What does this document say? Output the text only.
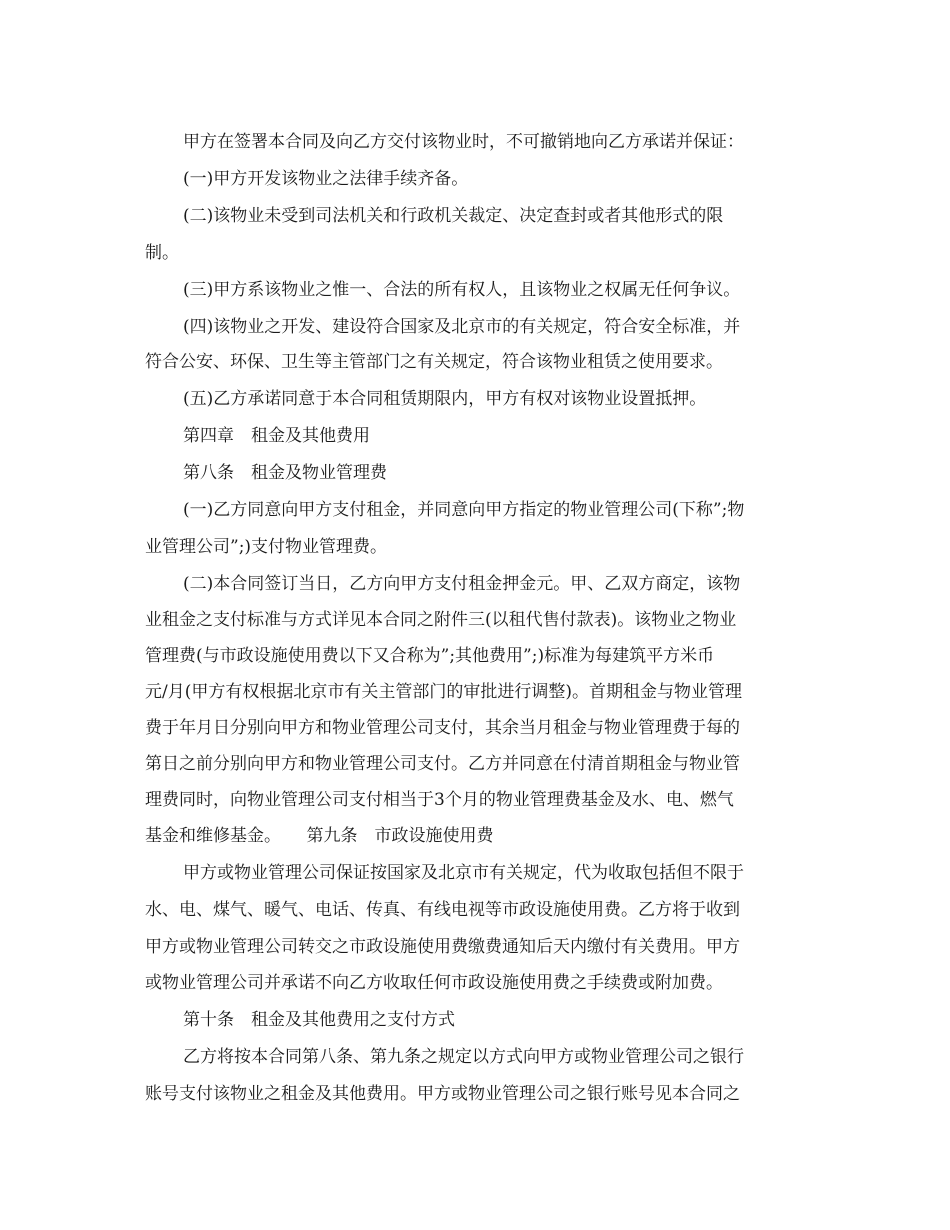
甲方在签署本合同及向乙方交付该物业时，不可撤销地向乙方承诺并保证：
(一)甲方开发该物业之法律手续齐备。
(二)该物业未受到司法机关和行政机关裁定、决定查封或者其他形式的限
制。
(三)甲方系该物业之惟一、合法的所有权人，且该物业之权属无任何争议。
(四)该物业之开发、建设符合国家及北京市的有关规定，符合安全标准，并
符合公安、环保、卫生等主管部门之有关规定，符合该物业租赁之使用要求。
(五)乙方承诺同意于本合同租赁期限内，甲方有权对该物业设置抵押。
第四章　租金及其他费用
第八条　租金及物业管理费
(一)乙方同意向甲方支付租金，并同意向甲方指定的物业管理公司(下称”;物
业管理公司”;)支付物业管理费。
(二)本合同签订当日，乙方向甲方支付租金押金元。甲、乙双方商定，该物
业租金之支付标准与方式详见本合同之附件三(以租代售付款表)。该物业之物业
管理费(与市政设施使用费以下又合称为”;其他费用”;)标准为每建筑平方米币
元/月(甲方有权根据北京市有关主管部门的审批进行调整)。首期租金与物业管理
费于年月日分别向甲方和物业管理公司支付，其余当月租金与物业管理费于每的
第日之前分别向甲方和物业管理公司支付。乙方并同意在付清首期租金与物业管
理费同时，向物业管理公司支付相当于3个月的物业管理费基金及水、电、燃气
基金和维修基金。　　第九条　市政设施使用费
甲方或物业管理公司保证按国家及北京市有关规定，代为收取包括但不限于
水、电、煤气、暖气、电话、传真、有线电视等市政设施使用费。乙方将于收到
甲方或物业管理公司转交之市政设施使用费缴费通知后天内缴付有关费用。甲方
或物业管理公司并承诺不向乙方收取任何市政设施使用费之手续费或附加费。
第十条　租金及其他费用之支付方式
乙方将按本合同第八条、第九条之规定以方式向甲方或物业管理公司之银行
账号支付该物业之租金及其他费用。甲方或物业管理公司之银行账号见本合同之
